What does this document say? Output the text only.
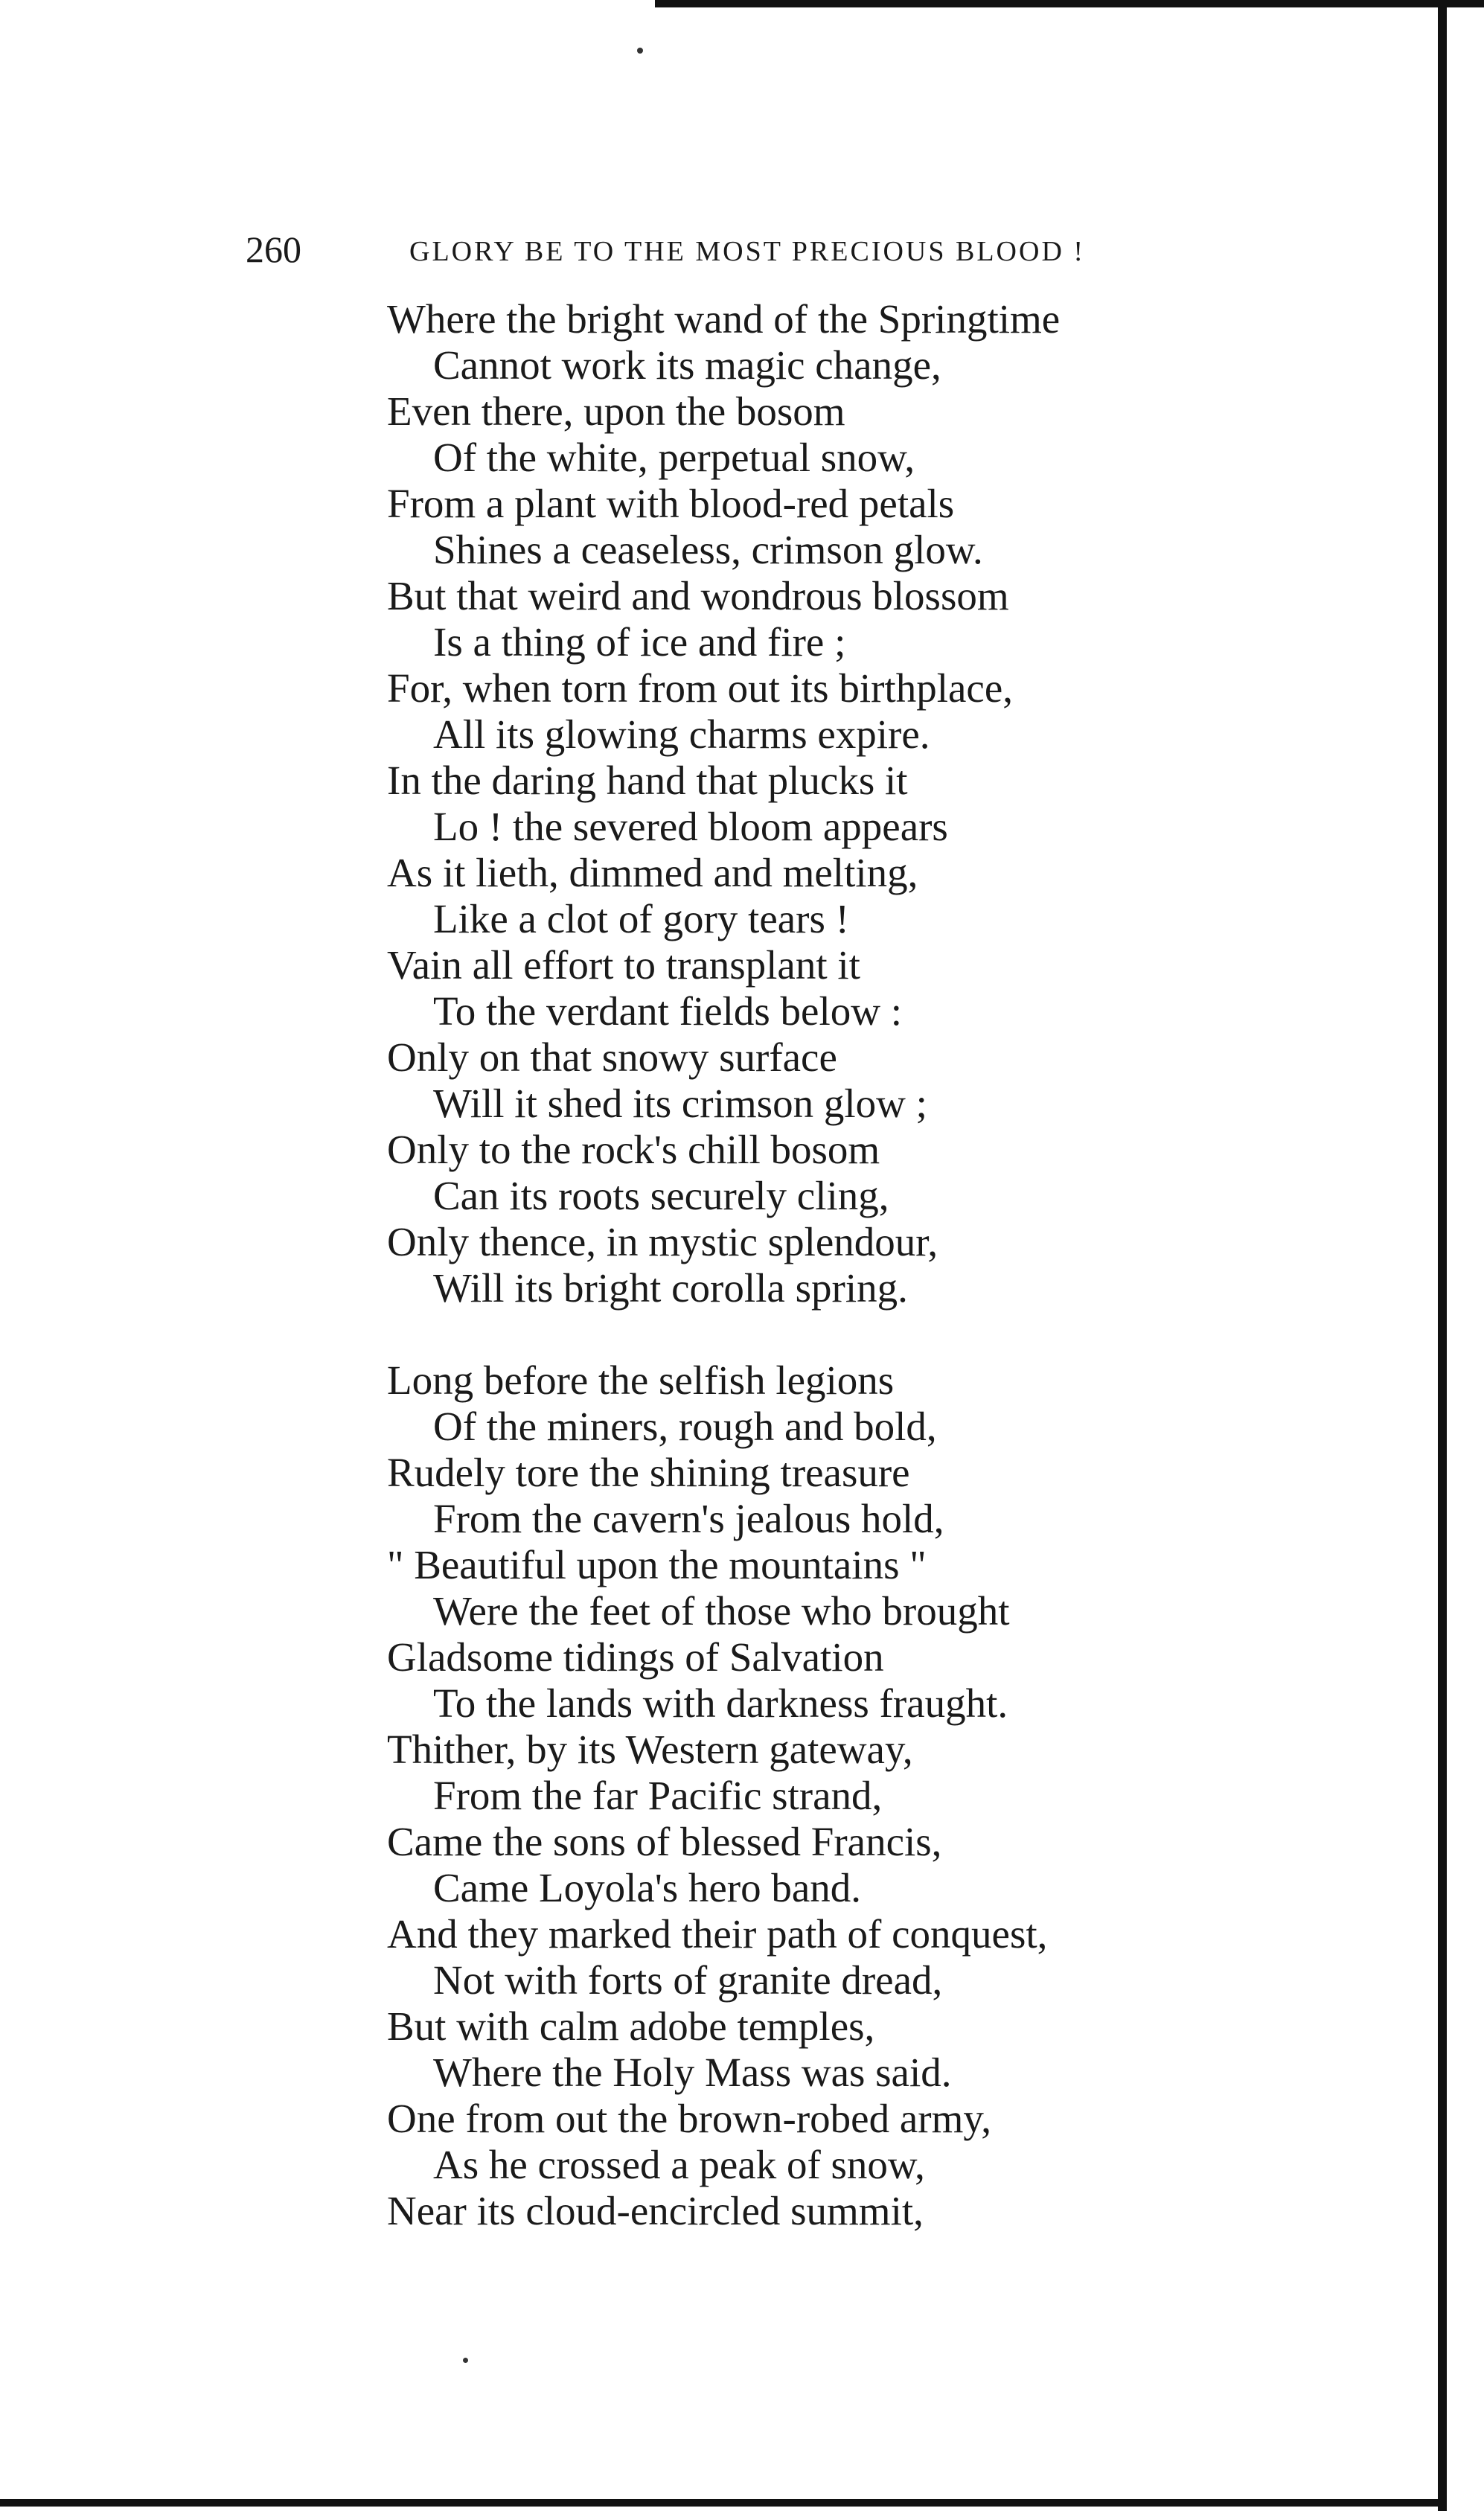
260	GLORY BE TO THE MOST PRECIOUS BLOOD !
Where the bright wand of the Springtime
Cannot work its magic change,
Even there, upon the bosom
Of the white, perpetual snow,
From a plant with blood-red petals
Shines a ceaseless, crimson glow.
But that weird and wondrous blossom
Is a thing of ice and fire ;
For, when torn from out its birthplace,
All its glowing charms expire.
In the daring hand that plucks it
Lo ! the severed bloom appears
As it lieth, dimmed and melting,
Like a clot of gory tears !
Vain all effort to transplant it
To the verdant fields below :
Only on that snowy surface
Will it shed its crimson glow ;
Only to the rock's chill bosom
Can its roots securely cling,
Only thence, in mystic splendour,
Will its bright corolla spring.
Long before the selfish legions
Of the miners, rough and bold,
Rudely tore the shining treasure
From the cavern's jealous hold,
" Beautiful upon the mountains "
Were the feet of those who brought
Gladsome tidings of Salvation
To the lands with darkness fraught.
Thither, by its Western gateway,
From the far Pacific strand,
Came the sons of blessed Francis,
Came Loyola's hero band.
And they marked their path of conquest,
Not with forts of granite dread,
But with calm adobe temples,
Where the Holy Mass was said.
One from out the brown-robed army,
As he crossed a peak of snow,
Near its cloud-encircled summit,
